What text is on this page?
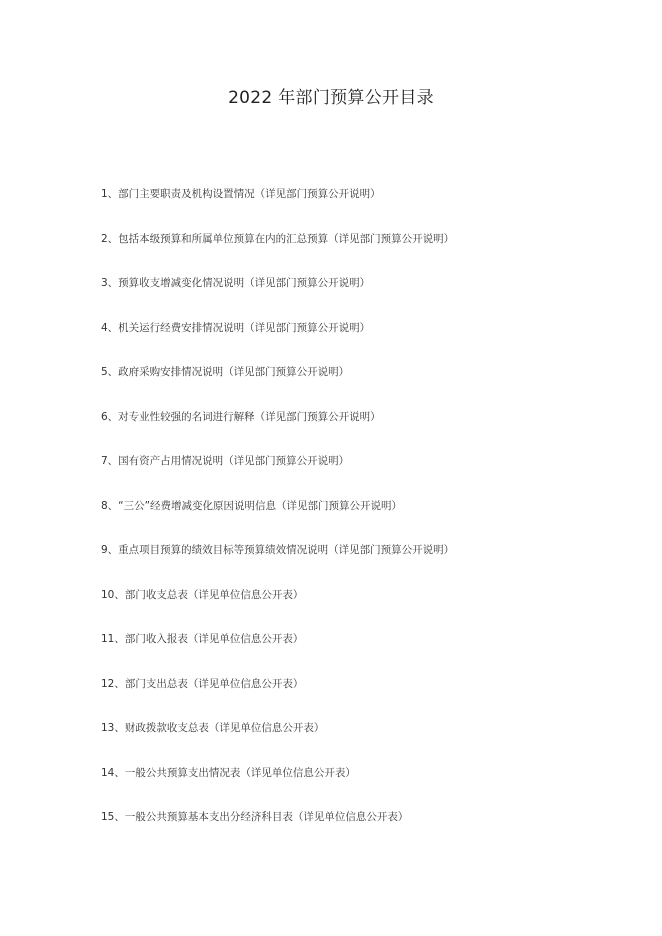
2022 年部门预算公开目录
1、部门主要职责及机构设置情况（详见部门预算公开说明）
2、包括本级预算和所属单位预算在内的汇总预算（详见部门预算公开说明）
3、预算收支增减变化情况说明（详见部门预算公开说明）
4、机关运行经费安排情况说明（详见部门预算公开说明）
5、政府采购安排情况说明（详见部门预算公开说明）
6、对专业性较强的名词进行解释（详见部门预算公开说明）
7、国有资产占用情况说明（详见部门预算公开说明）
8、“三公”经费增减变化原因说明信息（详见部门预算公开说明）
9、重点项目预算的绩效目标等预算绩效情况说明（详见部门预算公开说明）
10、部门收支总表（详见单位信息公开表）
11、部门收入报表（详见单位信息公开表）
12、部门支出总表（详见单位信息公开表）
13、财政拨款收支总表（详见单位信息公开表）
14、一般公共预算支出情况表（详见单位信息公开表）
15、一般公共预算基本支出分经济科目表（详见单位信息公开表）
